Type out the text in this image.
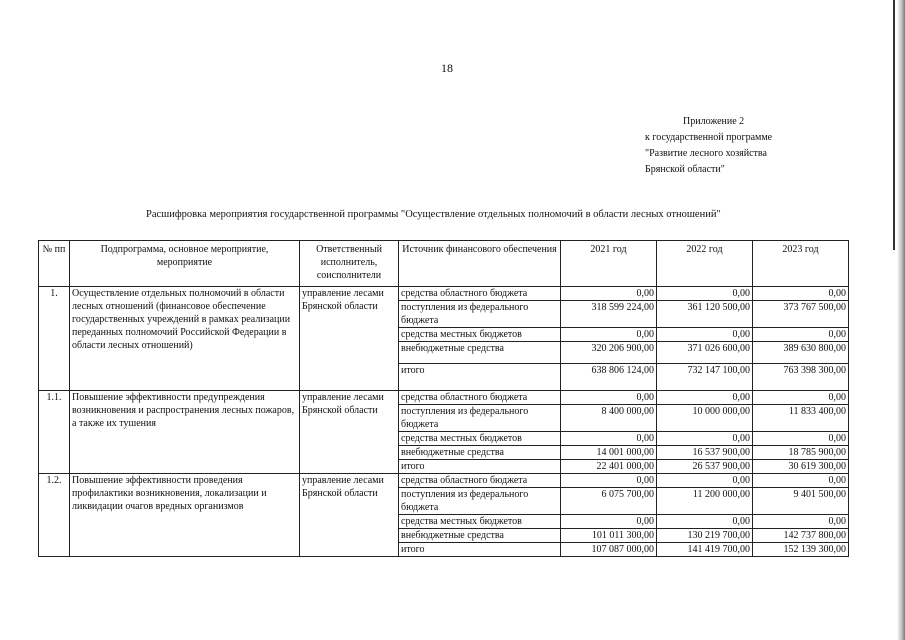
18
Приложение 2
к государственной программе
"Развитие лесного хозяйства
Брянской области"
Расшифровка мероприятия государственной программы "Осуществление отдельных полномочий в области лесных отношений"
№ пп	Подпрограмма, основное мероприятие, мероприятие	Ответственный исполнитель, соисполнители	Источник финансового обеспечения	2021 год	2022 год	2023 год
1.	Осуществление отдельных полномочий в области лесных отношений (финансовое обеспечение государственных учреждений в рамках реализации переданных полномочий Российской Федерации в области лесных отношений)	управление лесами Брянской области	средства областного бюджета	0,00	0,00	0,00
			поступления из федерального бюджета	318 599 224,00	361 120 500,00	373 767 500,00
			средства местных бюджетов	0,00	0,00	0,00
			внебюджетные средства	320 206 900,00	371 026 600,00	389 630 800,00
			итого	638 806 124,00	732 147 100,00	763 398 300,00
1.1.	Повышение эффективности предупреждения возникновения и распространения лесных пожаров, а также их тушения	управление лесами Брянской области	средства областного бюджета	0,00	0,00	0,00
			поступления из федерального бюджета	8 400 000,00	10 000 000,00	11 833 400,00
			средства местных бюджетов	0,00	0,00	0,00
			внебюджетные средства	14 001 000,00	16 537 900,00	18 785 900,00
			итого	22 401 000,00	26 537 900,00	30 619 300,00
1.2.	Повышение эффективности проведения профилактики возникновения, локализации и ликвидации очагов вредных организмов	управление лесами Брянской области	средства областного бюджета	0,00	0,00	0,00
			поступления из федерального бюджета	6 075 700,00	11 200 000,00	9 401 500,00
			средства местных бюджетов	0,00	0,00	0,00
			внебюджетные средства	101 011 300,00	130 219 700,00	142 737 800,00
			итого	107 087 000,00	141 419 700,00	152 139 300,00
